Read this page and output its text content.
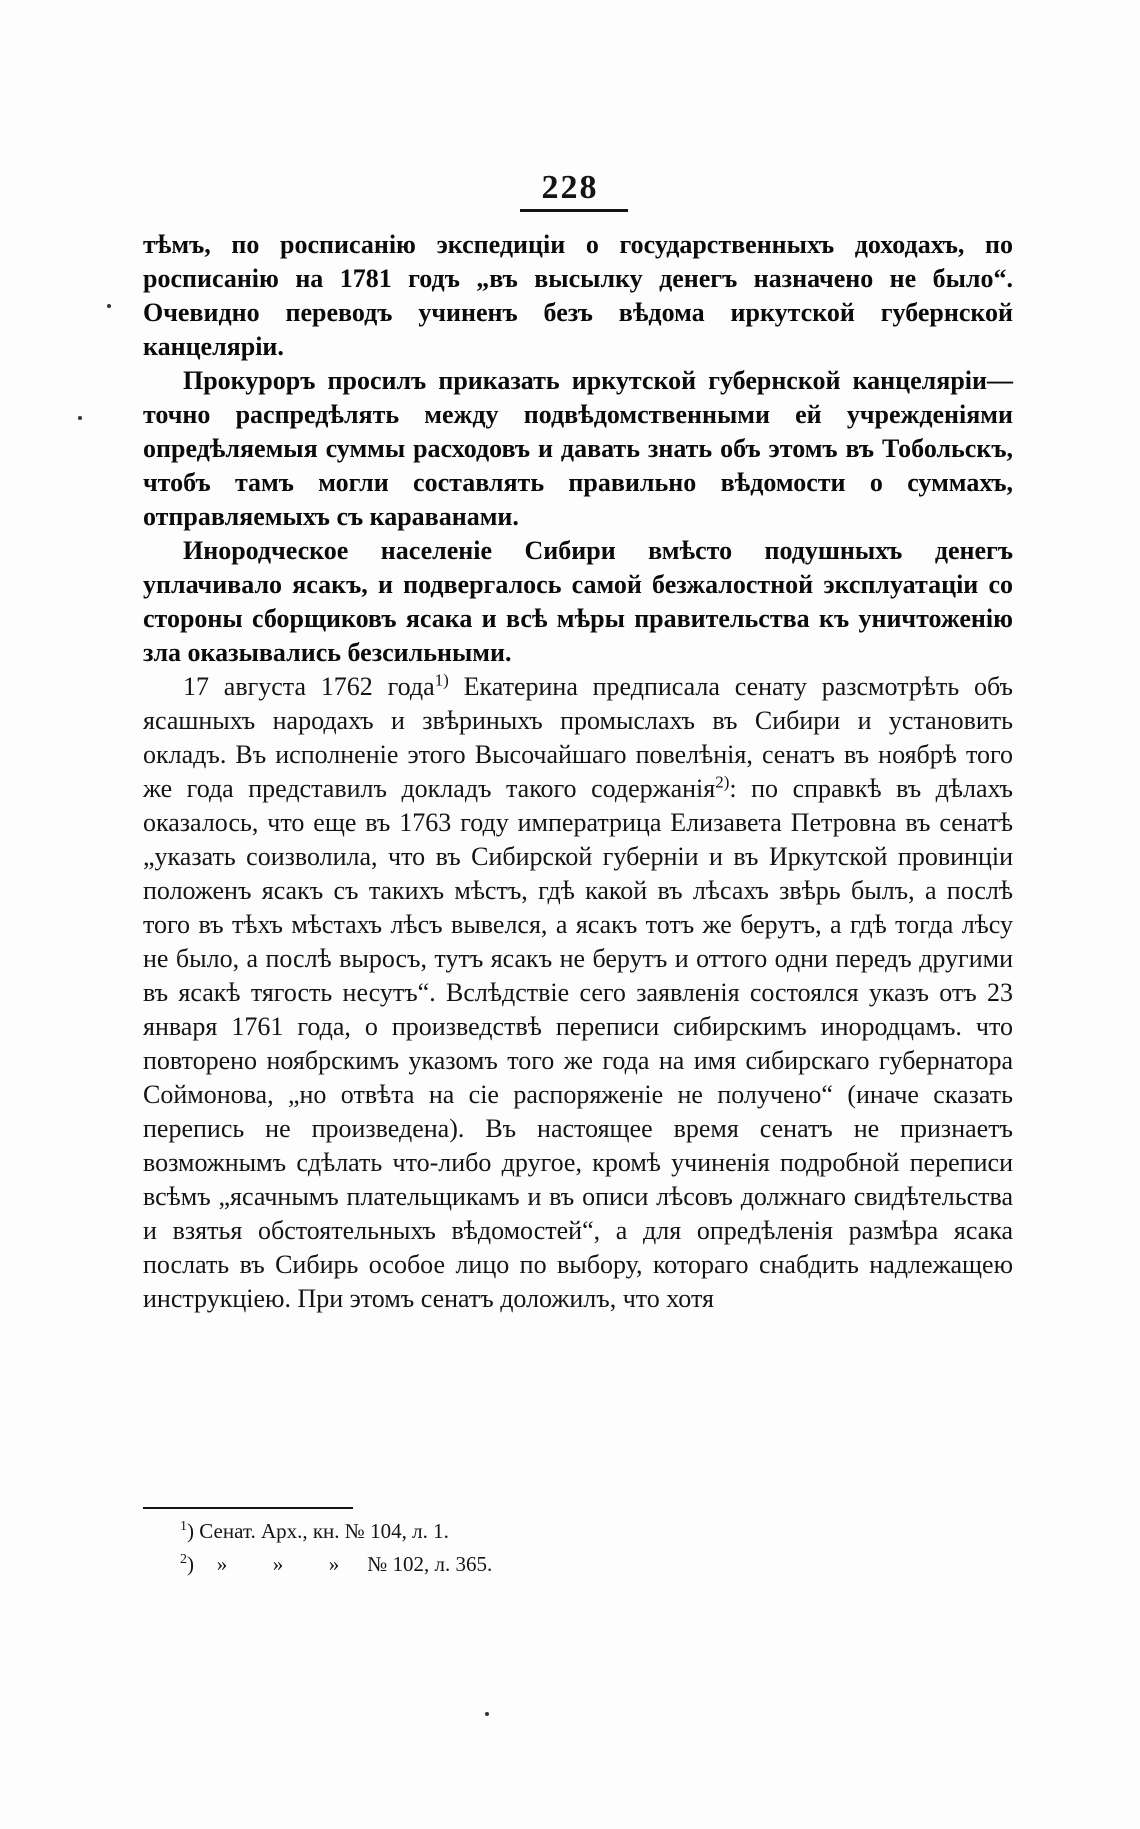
228

тѣмъ, по росписанію экспедиціи о государственныхъ доходахъ, по росписанію на 1781 годъ „въ высылку денегъ назначено не было“. Очевидно переводъ учиненъ безъ вѣдома иркутской губернской канцеляріи.

Прокуроръ просилъ приказать иркутской губернской канцеляріи—точно распредѣлять между подвѣдомственными ей учрежденіями опредѣляемыя суммы расходовъ и давать знать объ этомъ въ Тобольскъ, чтобъ тамъ могли составлять правильно вѣдомости о суммахъ, отправляемыхъ съ караванами.

Инородческое населеніе Сибири вмѣсто подушныхъ денегъ уплачивало ясакъ, и подвергалось самой безжалостной эксплуатаціи со стороны сборщиковъ ясака и всѣ мѣры правительства къ уничтоженію зла оказывались безсильными.

17 августа 1762 года$^{1)}$ Екатерина предписала сенату разсмотрѣть объ ясашныхъ народахъ и звѣриныхъ промыслахъ въ Сибири и установить окладъ. Въ исполненіе этого Высочайшаго повелѣнія, сенатъ въ ноябрѣ того же года представилъ докладъ такого содержанія$^{2)}$: по справкѣ въ дѣлахъ оказалось, что еще въ 1763 году императрица Елизавета Петровна въ сенатѣ „указать соизволила, что въ Сибирской губерніи и въ Иркутской провинціи положенъ ясакъ съ такихъ мѣстъ, гдѣ какой въ лѣсахъ звѣрь былъ, а послѣ того въ тѣхъ мѣстахъ лѣсъ вывелся, а ясакъ тотъ же берутъ, а гдѣ тогда лѣсу не было, а послѣ выросъ, тутъ ясакъ не берутъ и оттого одни передъ другими въ ясакѣ тягость несутъ“. Вслѣдствіе сего заявленія состоялся указъ отъ 23 января 1761 года, о произведствѣ переписи сибирскимъ инородцамъ. что повторено ноябрскимъ указомъ того же года на имя сибирскаго губернатора Соймонова, „но отвѣта на сіе распоряженіе не получено“ (иначе сказать перепись не произведена). Въ настоящее время сенатъ не признаетъ возможнымъ сдѣлать что-либо другое, кромѣ учиненія подробной переписи всѣмъ „ясачнымъ плательщикамъ и въ описи лѣсовъ должнаго свидѣтельства и взятья обстоятельныхъ вѣдомостей“, а для опредѣленія размѣра ясака послать въ Сибирь особое лицо по выбору, котораго снабдить надлежащею инструкціею. При этомъ сенатъ доложилъ, что хотя

$^1$) Сенат. Арх., кн. № 104, л. 1.
$^2$) » » » № 102, л. 365.
